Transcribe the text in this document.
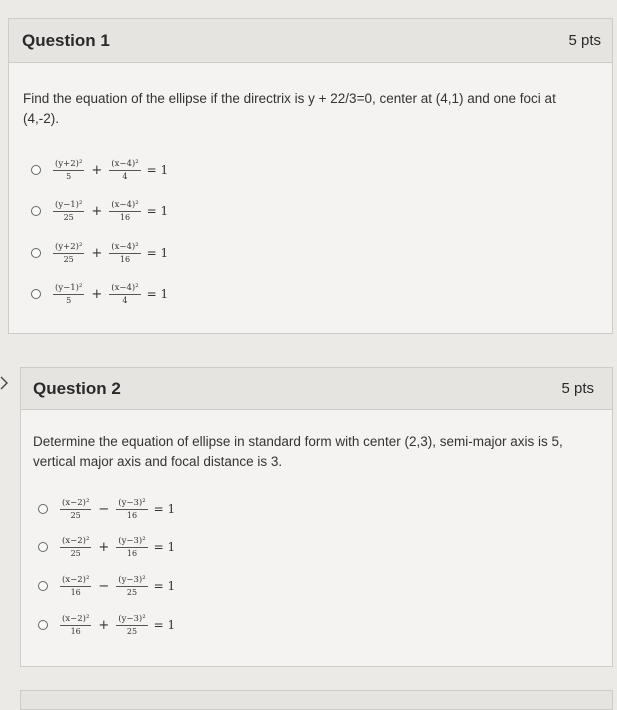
Question 1	5 pts
Find the equation of the ellipse if the directrix is y + 22/3=0, center at (4,1) and one foci at (4,-2).
$\frac{\text{(y+2)²}}{5} + \frac{\text{(x−4)²}}{4} = 1$
$\frac{\text{(y−1)²}}{25} + \frac{\text{(x−4)²}}{16} = 1$
$\frac{\text{(y+2)²}}{25} + \frac{\text{(x−4)²}}{16} = 1$
$\frac{\text{(y−1)²}}{5} + \frac{\text{(x−4)²}}{4} = 1$
Question 2	5 pts
Determine the equation of ellipse in standard form with center (2,3), semi-major axis is 5, vertical major axis and focal distance is 3.
$\frac{\text{(x−2)²}}{25} - \frac{\text{(y−3)²}}{16} = 1$
$\frac{\text{(x−2)²}}{25} + \frac{\text{(y−3)²}}{16} = 1$
$\frac{\text{(x−2)²}}{16} - \frac{\text{(y−3)²}}{25} = 1$
$\frac{\text{(x−2)²}}{16} + \frac{\text{(y−3)²}}{25} = 1$
